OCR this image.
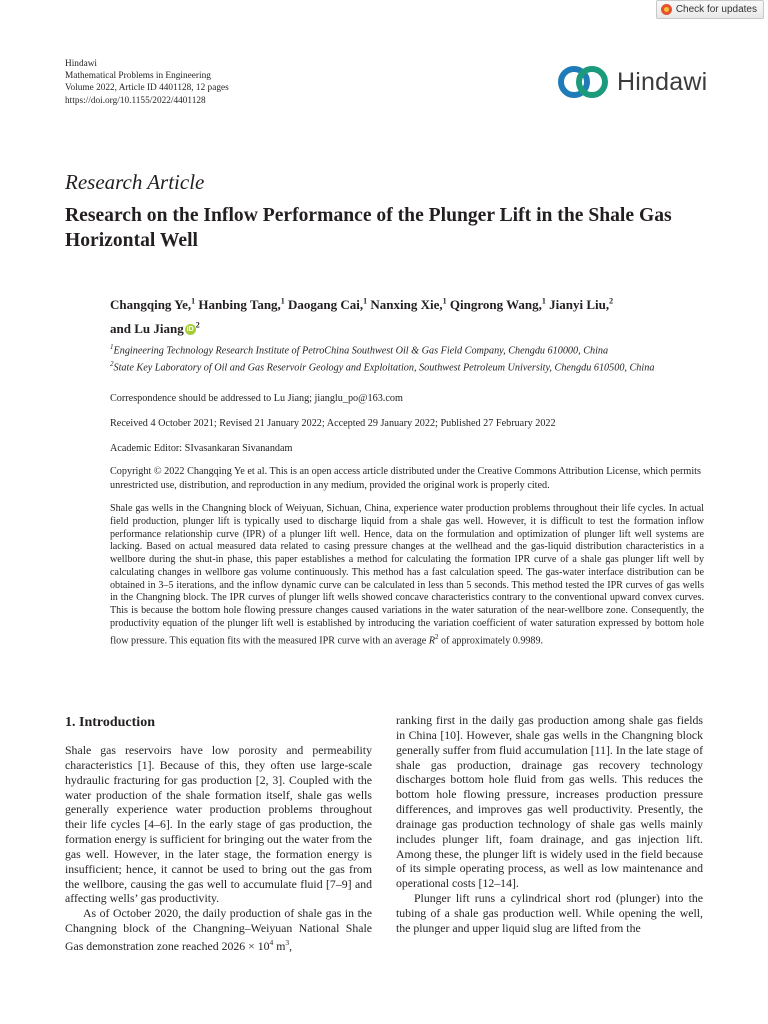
Check for updates
Hindawi
Mathematical Problems in Engineering
Volume 2022, Article ID 4401128, 12 pages
https://doi.org/10.1155/2022/4401128
Hindawi
Research Article
Research on the Inflow Performance of the Plunger Lift in the Shale Gas Horizontal Well
Changqing Ye,$^1$ Hanbing Tang,$^1$ Daogang Cai,$^1$ Nanxing Xie,$^1$ Qingrong Wang,$^1$ Jianyi Liu,$^2$
and Lu Jiang $iD^2$
$^1$Engineering Technology Research Institute of PetroChina Southwest Oil & Gas Field Company, Chengdu 610000, China
$^2$State Key Laboratory of Oil and Gas Reservoir Geology and Exploitation, Southwest Petroleum University, Chengdu 610500, China
Correspondence should be addressed to Lu Jiang; jianglu_po@163.com
Received 4 October 2021; Revised 21 January 2022; Accepted 29 January 2022; Published 27 February 2022
Academic Editor: SIvasankaran Sivanandam
Copyright © 2022 Changqing Ye et al. This is an open access article distributed under the Creative Commons Attribution License, which permits unrestricted use, distribution, and reproduction in any medium, provided the original work is properly cited.
Shale gas wells in the Changning block of Weiyuan, Sichuan, China, experience water production problems throughout their life cycles. In actual field production, plunger lift is typically used to discharge liquid from a shale gas well. However, it is difficult to test the formation inflow performance relationship curve (IPR) of a plunger lift well. Hence, data on the formulation and optimization of plunger lift well systems are lacking. Based on actual measured data related to casing pressure changes at the wellhead and the gas-liquid distribution characteristics in a wellbore during the shut-in phase, this paper establishes a method for calculating the formation IPR curve of a shale gas plunger lift well by calculating changes in wellbore gas volume continuously. This method has a fast calculation speed. The gas-water interface distribution can be obtained in 3–5 iterations, and the inflow dynamic curve can be calculated in less than 5 seconds. This method tested the IPR curves of gas wells in the Changning block. The IPR curves of plunger lift wells showed concave characteristics contrary to the conventional upward convex curves. This is because the bottom hole flowing pressure changes caused variations in the water saturation of the near-wellbore zone. Consequently, the productivity equation of the plunger lift well is established by introducing the variation coefficient of water saturation expressed by bottom hole flow pressure. This equation fits with the measured IPR curve with an average $R^2$ of approximately 0.9989.
1. Introduction

Shale gas reservoirs have low porosity and permeability characteristics [1]. Because of this, they often use large-scale hydraulic fracturing for gas production [2, 3]. Coupled with the water production of the shale formation itself, shale gas wells generally experience water production problems throughout their life cycles [4–6]. In the early stage of gas production, the formation energy is sufficient for bringing out the water from the gas well. However, in the later stage, the formation energy is insufficient; hence, it cannot be used to bring out the gas from the wellbore, causing the gas well to accumulate fluid [7–9] and affecting wells’ gas productivity.

As of October 2020, the daily production of shale gas in the Changning block of the Changning–Weiyuan National Shale Gas demonstration zone reached $2026 \times 10^4$ $m^3$,

ranking first in the daily gas production among shale gas fields in China [10]. However, shale gas wells in the Changning block generally suffer from fluid accumulation [11]. In the late stage of shale gas production, drainage gas recovery technology discharges bottom hole fluid from gas wells. This reduces the bottom hole flowing pressure, increases production pressure differences, and improves gas well productivity. Presently, the drainage gas production technology of shale gas wells mainly includes plunger lift, foam drainage, and gas injection lift. Among these, the plunger lift is widely used in the field because of its simple operating process, as well as low maintenance and operational costs [12–14].

Plunger lift runs a cylindrical short rod (plunger) into the tubing of a shale gas production well. While opening the well, the plunger and upper liquid slug are lifted from the
